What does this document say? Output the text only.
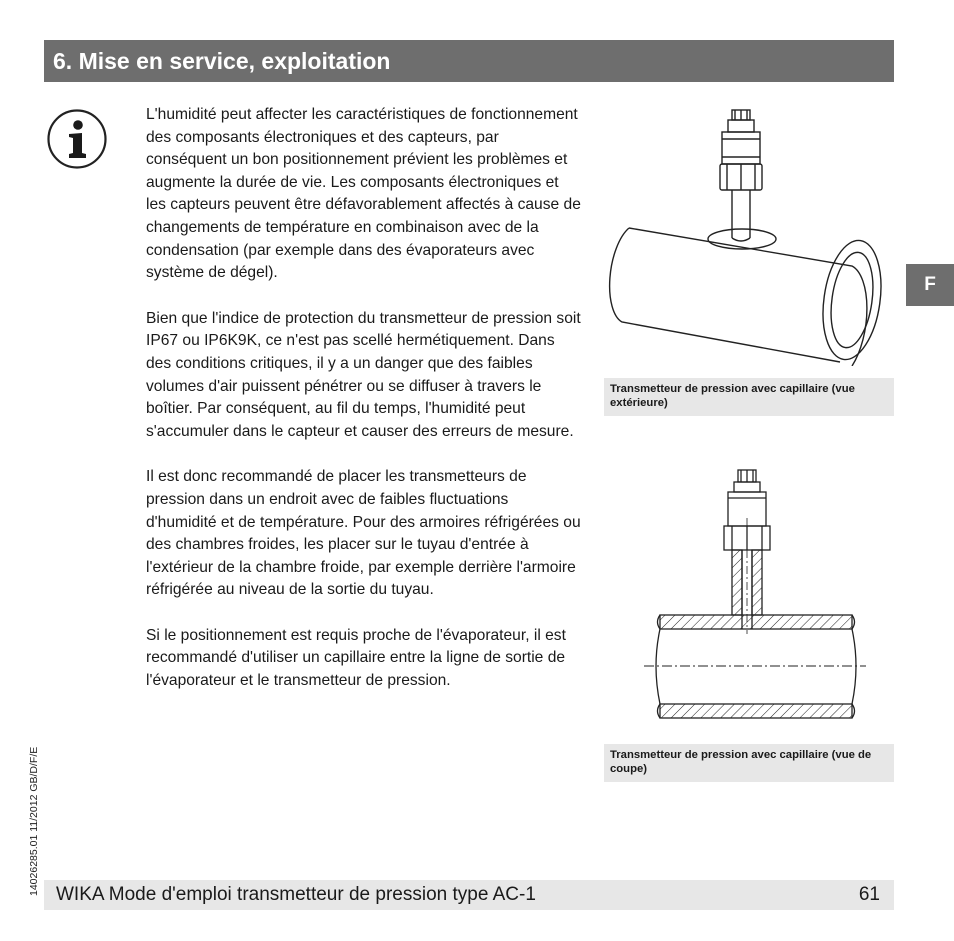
6. Mise en service, exploitation

L'humidité peut affecter les caractéristiques de fonctionnement des composants électroniques et des capteurs, par conséquent un bon positionnement prévient les problèmes et augmente la durée de vie. Les composants électroniques et les capteurs peuvent être défavorablement affectés à cause de changements de température en combinaison avec de la condensation (par exemple dans des évaporateurs avec système de dégel).

Bien que l'indice de protection du transmetteur de pression soit IP67 ou IP6K9K, ce n'est pas scellé hermétiquement. Dans des conditions critiques, il y a un danger que des faibles volumes d'air puissent pénétrer ou se diffuser à travers le boîtier. Par conséquent, au fil du temps, l'humidité peut s'accumuler dans le capteur et causer des erreurs de mesure.

Il est donc recommandé de placer les transmetteurs de pression dans un endroit avec de faibles fluctuations d'humidité et de température. Pour des armoires réfrigérées ou des chambres froides, les placer sur le tuyau d'entrée à l'extérieur de la chambre froide, par exemple derrière l'armoire réfrigérée au niveau de la sortie du tuyau.

Si le positionnement est requis proche de l'évaporateur, il est recommandé d'utiliser un capillaire entre la ligne de sortie de l'évaporateur et le transmetteur de pression.

Transmetteur de pression avec capillaire (vue extérieure)
Transmetteur de pression avec capillaire (vue de coupe)
F
14026285.01 11/2012 GB/D/F/E WIKA Mode d'emploi transmetteur de pression type AC-1	61
